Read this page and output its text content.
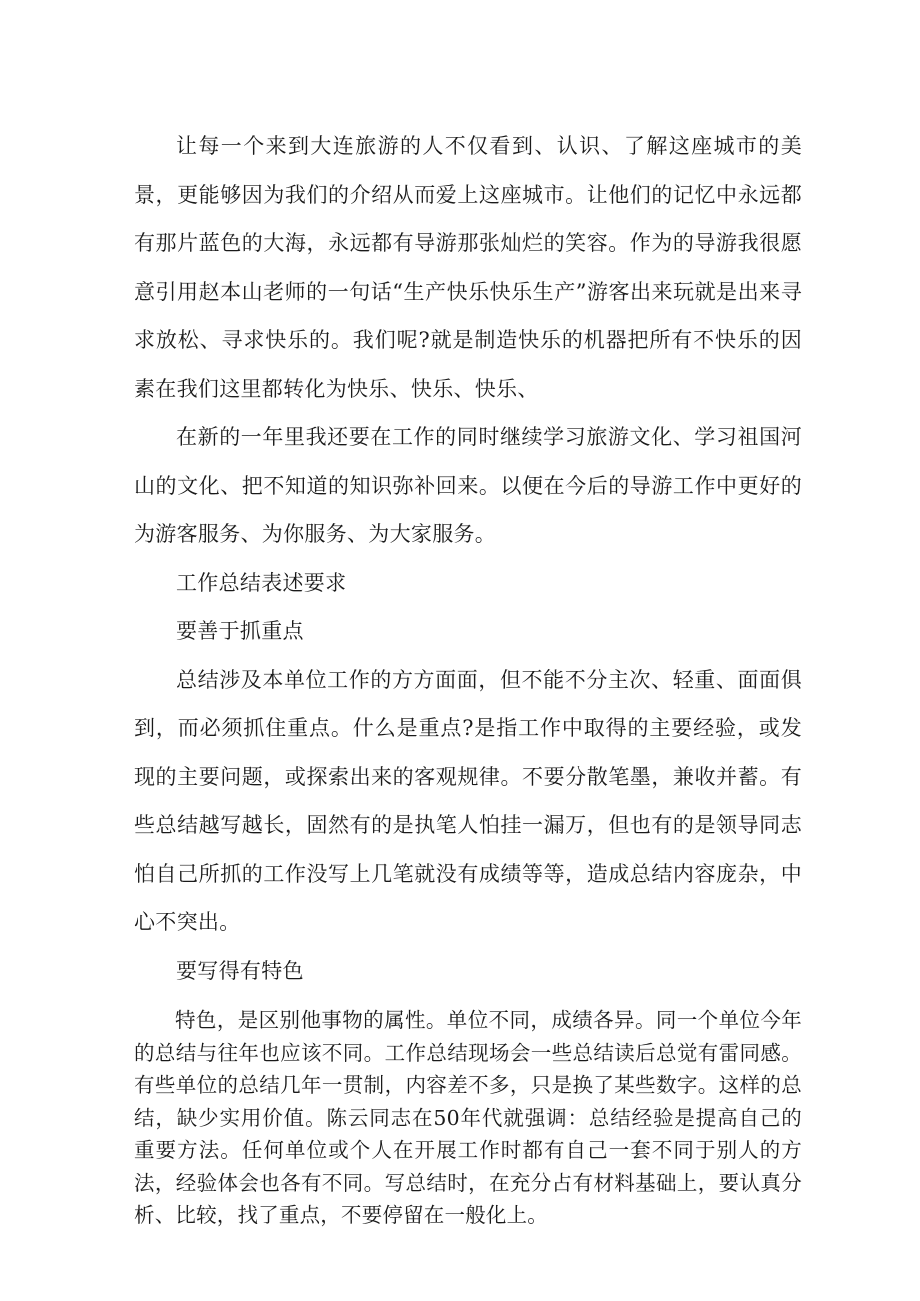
让每一个来到大连旅游的人不仅看到、认识、了解这座城市的美景，更能够因为我们的介绍从而爱上这座城市。让他们的记忆中永远都有那片蓝色的大海，永远都有导游那张灿烂的笑容。作为的导游我很愿意引用赵本山老师的一句话“生产快乐快乐生产”游客出来玩就是出来寻求放松、寻求快乐的。我们呢?就是制造快乐的机器把所有不快乐的因素在我们这里都转化为快乐、快乐、快乐、

在新的一年里我还要在工作的同时继续学习旅游文化、学习祖国河山的文化、把不知道的知识弥补回来。以便在今后的导游工作中更好的为游客服务、为你服务、为大家服务。

工作总结表述要求

要善于抓重点

总结涉及本单位工作的方方面面，但不能不分主次、轻重、面面俱到，而必须抓住重点。什么是重点?是指工作中取得的主要经验，或发现的主要问题，或探索出来的客观规律。不要分散笔墨，兼收并蓄。有些总结越写越长，固然有的是执笔人怕挂一漏万，但也有的是领导同志怕自己所抓的工作没写上几笔就没有成绩等等，造成总结内容庞杂，中心不突出。

要写得有特色

特色，是区别他事物的属性。单位不同，成绩各异。同一个单位今年的总结与往年也应该不同。工作总结现场会一些总结读后总觉有雷同感。有些单位的总结几年一贯制，内容差不多，只是换了某些数字。这样的总结，缺少实用价值。陈云同志在50年代就强调：总结经验是提高自己的重要方法。任何单位或个人在开展工作时都有自己一套不同于别人的方法，经验体会也各有不同。写总结时，在充分占有材料基础上，要认真分析、比较，找了重点，不要停留在一般化上。
